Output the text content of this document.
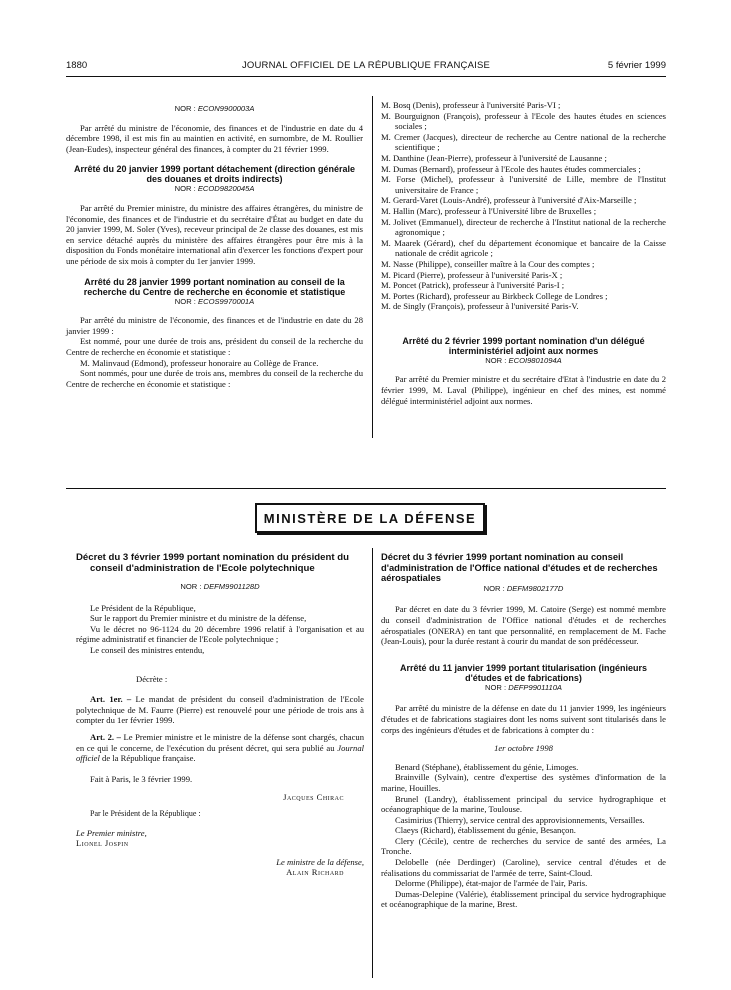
1880	JOURNAL OFFICIEL DE LA RÉPUBLIQUE FRANÇAISE	5 février 1999

NOR : ECON9900003A

Par arrêté du ministre de l'économie, des finances et de l'industrie en date du 4 décembre 1998, il est mis fin au maintien en activité, en surnombre, de M. Roullier (Jean-Eudes), inspecteur général des finances, à compter du 21 février 1999.

Arrêté du 20 janvier 1999 portant détachement (direction générale des douanes et droits indirects)

NOR : ECOD9820045A

Par arrêté du Premier ministre, du ministre des affaires étrangères, du ministre de l'économie, des finances et de l'industrie et du secrétaire d'État au budget en date du 20 janvier 1999, M. Soler (Yves), receveur principal de 2e classe des douanes, est mis en service détaché auprès du ministère des affaires étrangères pour être mis à la disposition du Fonds monétaire international afin d'exercer les fonctions d'expert pour une période de six mois à compter du 1er janvier 1999.

Arrêté du 28 janvier 1999 portant nomination au conseil de la recherche du Centre de recherche en économie et statistique

NOR : ECOS9970001A

Par arrêté du ministre de l'économie, des finances et de l'industrie en date du 28 janvier 1999 :

Est nommé, pour une durée de trois ans, président du conseil de la recherche du Centre de recherche en économie et statistique :

M. Malinvaud (Edmond), professeur honoraire au Collège de France.

Sont nommés, pour une durée de trois ans, membres du conseil de la recherche du Centre de recherche en économie et statistique :

M. Bosq (Denis), professeur à l'université Paris-VI ;

M. Bourguignon (François), professeur à l'Ecole des hautes études en sciences sociales ;

M. Cremer (Jacques), directeur de recherche au Centre national de la recherche scientifique ;

M. Danthine (Jean-Pierre), professeur à l'université de Lausanne ;

M. Dumas (Bernard), professeur à l'Ecole des hautes études commerciales ;

M. Forse (Michel), professeur à l'université de Lille, membre de l'Institut universitaire de France ;

M. Gerard-Varet (Louis-André), professeur à l'université d'Aix-Marseille ;

M. Hallin (Marc), professeur à l'Université libre de Bruxelles ;

M. Jolivet (Emmanuel), directeur de recherche à l'Institut national de la recherche agronomique ;

M. Maarek (Gérard), chef du département économique et bancaire de la Caisse nationale de crédit agricole ;

M. Nasse (Philippe), conseiller maître à la Cour des comptes ;

M. Picard (Pierre), professeur à l'université Paris-X ;

M. Poncet (Patrick), professeur à l'université Paris-I ;

M. Portes (Richard), professeur au Birkbeck College de Londres ;

M. de Singly (François), professeur à l'université Paris-V.

Arrêté du 2 février 1999 portant nomination d'un délégué interministériel adjoint aux normes

NOR : ECOI9801094A

Par arrêté du Premier ministre et du secrétaire d'Etat à l'industrie en date du 2 février 1999, M. Laval (Philippe), ingénieur en chef des mines, est nommé délégué interministériel adjoint aux normes.

MINISTÈRE DE LA DÉFENSE

Décret du 3 février 1999 portant nomination du président du conseil d'administration de l'Ecole polytechnique

NOR : DEFM9901128D

Le Président de la République,

Sur le rapport du Premier ministre et du ministre de la défense,

Vu le décret no 96-1124 du 20 décembre 1996 relatif à l'organisation et au régime administratif et financier de l'Ecole polytechnique ;

Le conseil des ministres entendu,

Décrète :

Art. 1er. – Le mandat de président du conseil d'administration de l'Ecole polytechnique de M. Faurre (Pierre) est renouvelé pour une période de trois ans à compter du 1er février 1999.

Art. 2. – Le Premier ministre et le ministre de la défense sont chargés, chacun en ce qui le concerne, de l'exécution du présent décret, qui sera publié au Journal officiel de la République française.

Fait à Paris, le 3 février 1999.

Jacques Chirac

Par le Président de la République :

Le Premier ministre,

Lionel Jospin

Le ministre de la défense,

Alain Richard

Décret du 3 février 1999 portant nomination au conseil d'administration de l'Office national d'études et de recherches aérospatiales

NOR : DEFM9802177D

Par décret en date du 3 février 1999, M. Catoire (Serge) est nommé membre du conseil d'administration de l'Office national d'études et de recherches aérospatiales (ONERA) en tant que personnalité, en remplacement de M. Fache (Jean-Louis), pour la durée restant à courir du mandat de son prédécesseur.

Arrêté du 11 janvier 1999 portant titularisation (ingénieurs d'études et de fabrications)

NOR : DEFP9901110A

Par arrêté du ministre de la défense en date du 11 janvier 1999, les ingénieurs d'études et de fabrications stagiaires dont les noms suivent sont titularisés dans le corps des ingénieurs d'études et de fabrications à compter du :

1er octobre 1998

Benard (Stéphane), établissement du génie, Limoges.

Brainville (Sylvain), centre d'expertise des systèmes d'information de la marine, Houilles.

Brunel (Landry), établissement principal du service hydrographique et océanographique de la marine, Toulouse.

Casimirius (Thierry), service central des approvisionnements, Versailles.

Claeys (Richard), établissement du génie, Besançon.

Clery (Cécile), centre de recherches du service de santé des armées, La Tronche.

Delobelle (née Derdinger) (Caroline), service central d'études et de réalisations du commissariat de l'armée de terre, Saint-Cloud.

Delorme (Philippe), état-major de l'armée de l'air, Paris.

Dumas-Delepine (Valérie), établissement principal du service hydrographique et océanographique de la marine, Brest.
